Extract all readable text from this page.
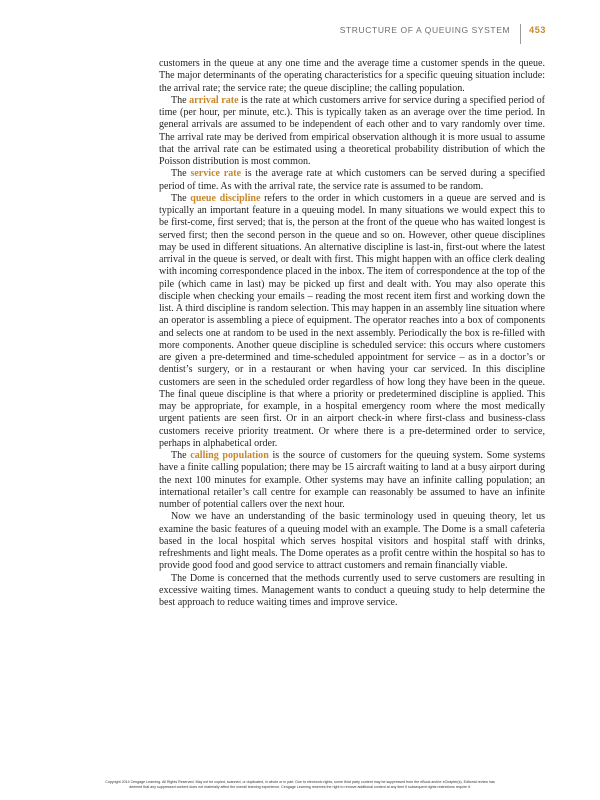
STRUCTURE OF A QUEUING SYSTEM 453

customers in the queue at any one time and the average time a customer spends in the queue. The major determinants of the operating characteristics for a specific queuing situation include: the arrival rate; the service rate; the queue discipline; the calling population.

The arrival rate is the rate at which customers arrive for service during a specified period of time (per hour, per minute, etc.). This is typically taken as an average over the time period. In general arrivals are assumed to be independent of each other and to vary randomly over time. The arrival rate may be derived from empirical observation although it is more usual to assume that the arrival rate can be estimated using a theoretical probability distribution of which the Poisson distribution is most common.

The service rate is the average rate at which customers can be served during a specified period of time. As with the arrival rate, the service rate is assumed to be random.

The queue discipline refers to the order in which customers in a queue are served and is typically an important feature in a queuing model. In many situations we would expect this to be first-come, first served; that is, the person at the front of the queue who has waited longest is served first; then the second person in the queue and so on. However, other queue disciplines may be used in different situations. An alternative discipline is last-in, first-out where the latest arrival in the queue is served, or dealt with first. This might happen with an office clerk dealing with incoming correspondence placed in the inbox. The item of correspondence at the top of the pile (which came in last) may be picked up first and dealt with. You may also operate this disciple when checking your emails – reading the most recent item first and working down the list. A third discipline is random selection. This may happen in an assembly line situation where an operator is assembling a piece of equipment. The operator reaches into a box of components and selects one at random to be used in the next assembly. Periodically the box is re-filled with more components. Another queue discipline is scheduled service: this occurs where customers are given a pre-determined and time-scheduled appointment for service – as in a doctor’s or dentist’s surgery, or in a restaurant or when having your car serviced. In this discipline customers are seen in the scheduled order regardless of how long they have been in the queue. The final queue discipline is that where a priority or predetermined discipline is applied. This may be appropriate, for example, in a hospital emergency room where the most medically urgent patients are seen first. Or in an airport check-in where first-class and business-class customers receive priority treatment. Or where there is a pre-determined order to service, perhaps in alphabetical order.

The calling population is the source of customers for the queuing system. Some systems have a finite calling population; there may be 15 aircraft waiting to land at a busy airport during the next 100 minutes for example. Other systems may have an infinite calling population; an international retailer’s call centre for example can reasonably be assumed to have an infinite number of potential callers over the next hour.

Now we have an understanding of the basic terminology used in queuing theory, let us examine the basic features of a queuing model with an example. The Dome is a small cafeteria based in the local hospital which serves hospital visitors and hospital staff with drinks, refreshments and light meals. The Dome operates as a profit centre within the hospital so has to provide good food and good service to attract customers and remain financially viable.

The Dome is concerned that the methods currently used to serve customers are resulting in excessive waiting times. Management wants to conduct a queuing study to help determine the best approach to reduce waiting times and improve service.

Copyright 2014 Cengage Learning. All Rights Reserved. May not be copied, scanned, or duplicated, in whole or in part. Due to electronic rights, some third party content may be suppressed from the eBook and/or eChapter(s). Editorial review has
deemed that any suppressed content does not materially affect the overall learning experience. Cengage Learning reserves the right to remove additional content at any time if subsequent rights restrictions require it.
